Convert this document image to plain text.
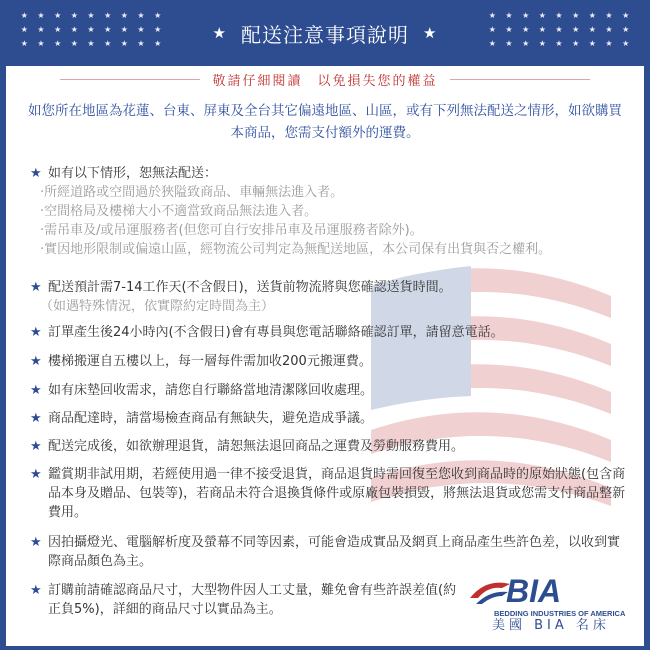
★	★	★	★	★	★	★	★	★
★	★	★	★	★	★	★	★	★
★	★	★	★	★	★	★	★	★
★ 配送注意事項說明 ★
★	★	★	★	★	★	★	★	★
★	★	★	★	★	★	★	★	★
★	★	★	★	★	★	★	★	★
敬請仔細閱讀　以免損失您的權益
如您所在地區為花蓮、台東、屏東及全台其它偏遠地區、山區，或有下列無法配送之情形，如欲購買本商品，您需支付額外的運費。
★ 如有以下情形，恕無法配送：
‧所經道路或空間過於狹隘致商品、車輛無法進入者。
‧空間格局及樓梯大小不適當致商品無法進入者。
‧需吊車及/或吊運服務者(但您可自行安排吊車及吊運服務者除外)。
‧實因地形限制或偏遠山區，經物流公司判定為無配送地區，本公司保有出貨與否之權利。
★ 配送預計需7-14工作天(不含假日)，送貨前物流將與您確認送貨時間。
（如遇特殊情況，依實際約定時間為主）
★ 訂單產生後24小時內(不含假日)會有專員與您電話聯絡確認訂單，請留意電話。
★ 樓梯搬運自五樓以上，每一層每件需加收200元搬運費。
★ 如有床墊回收需求，請您自行聯絡當地清潔隊回收處理。
★ 商品配達時，請當場檢查商品有無缺失，避免造成爭議。
★ 配送完成後，如欲辦理退貨，請恕無法退回商品之運費及勞動服務費用。
★ 鑑賞期非試用期，若經使用過一律不接受退貨，商品退貨時需回復至您收到商品時的原始狀態(包含商品本身及贈品、包裝等)，若商品未符合退換貨條件或原廠包裝損毀，將無法退貨或您需支付商品整新費用。
★ 因拍攝燈光、電腦解析度及螢幕不同等因素，可能會造成實品及網頁上商品產生些許色差，以收到實際商品顏色為主。
★ 訂購前請確認商品尺寸，大型物件因人工丈量，難免會有些許誤差值(約正負5%)，詳細的商品尺寸以實品為主。
BIA
BEDDING INDUSTRIES OF AMERICA
美國 BIA 名床
